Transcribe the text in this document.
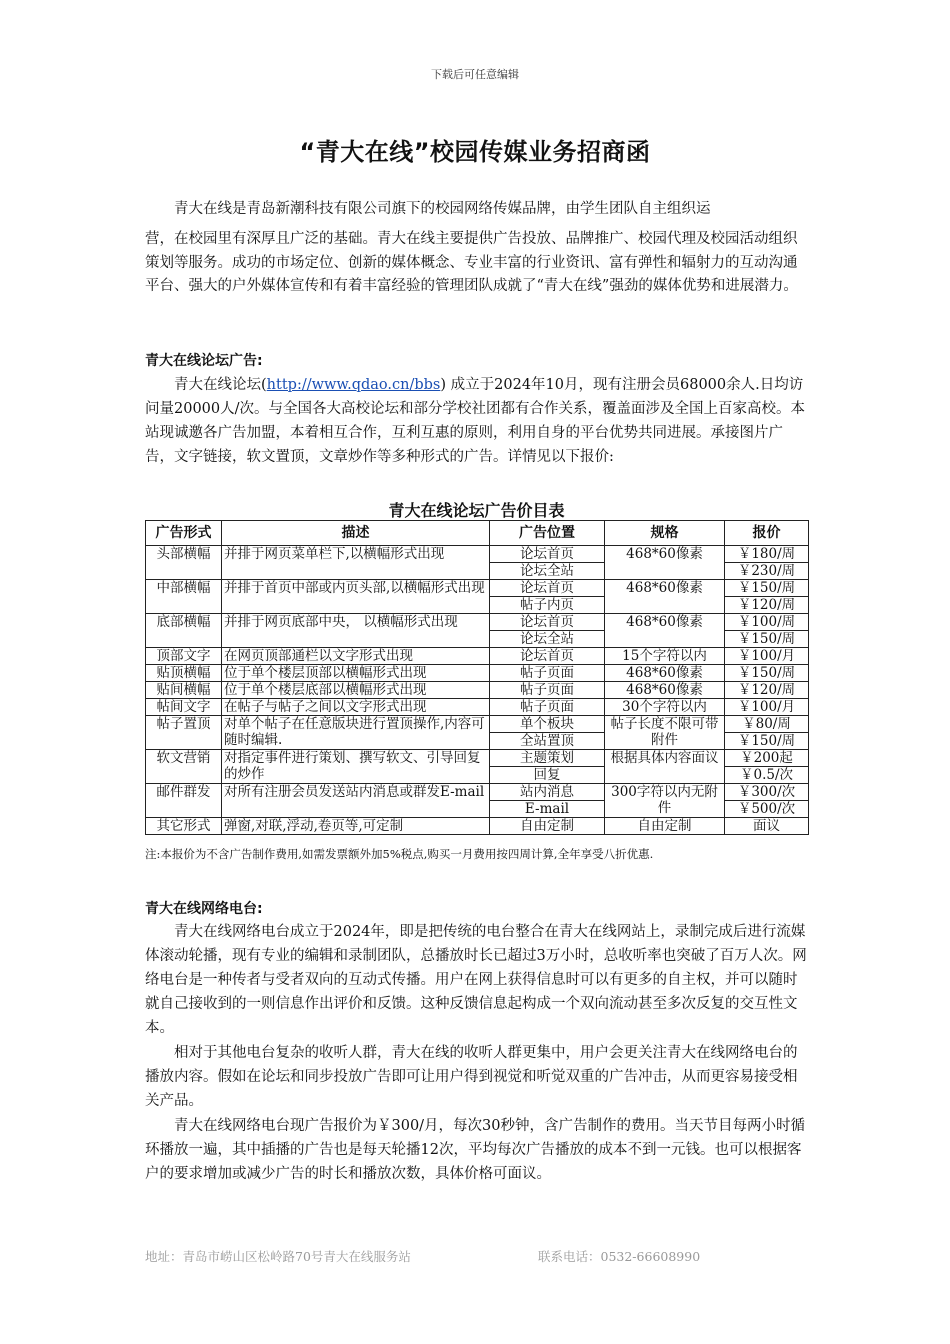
下载后可任意编辑
“青大在线”校园传媒业务招商函

青大在线是青岛新潮科技有限公司旗下的校园网络传媒品牌，由学生团队自主组织运

营，在校园里有深厚且广泛的基础。青大在线主要提供广告投放、品牌推广、校园代理及校园活动组织策划等服务。成功的市场定位、创新的媒体概念、专业丰富的行业资讯、富有弹性和辐射力的互动沟通平台、强大的户外媒体宣传和有着丰富经验的管理团队成就了“青大在线”强劲的媒体优势和进展潜力。

青大在线论坛广告:

青大在线论坛(http://www.qdao.cn/bbs) 成立于2024年10月，现有注册会员68000余人.日均访问量20000人/次。与全国各大高校论坛和部分学校社团都有合作关系，覆盖面涉及全国上百家高校。本站现诚邀各广告加盟，本着相互合作，互利互惠的原则，利用自身的平台优势共同进展。承接图片广告，文字链接，软文置顶，文章炒作等多种形式的广告。详情见以下报价:

青大在线论坛广告价目表
广告形式	描述	广告位置	规格	报价
头部横幅	并排于网页菜单栏下,以横幅形式出现	论坛首页	468*60像素	￥180/周
		论坛全站		￥230/周
中部横幅	并排于首页中部或内页头部,以横幅形式出现	论坛首页	468*60像素	￥150/周
		帖子内页		￥120/周
底部横幅	并排于网页底部中央， 以横幅形式出现	论坛首页	468*60像素	￥100/周
		论坛全站		￥150/周
顶部文字	在网页顶部通栏以文字形式出现	论坛首页	15个字符以内	￥100/月
贴顶横幅	位于单个楼层顶部以横幅形式出现	帖子页面	468*60像素	￥150/周
贴间横幅	位于单个楼层底部以横幅形式出现	帖子页面	468*60像素	￥120/周
帖间文字	在帖子与帖子之间以文字形式出现	帖子页面	30个字符以内	￥100/月
帖子置顶	对单个帖子在任意版块进行置顶操作,内容可随时编辑.	单个板块	帖子长度不限可带附件	￥80/周
		全站置顶		￥150/周
软文营销	对指定事件进行策划、撰写软文、引导回复的炒作	主题策划	根据具体内容面议	￥200起
		回复		￥0.5/次
邮件群发	对所有注册会员发送站内消息或群发E-mail	站内消息	300字符以内无附件	￥300/次
		E-mail		￥500/次
其它形式	弹窗,对联,浮动,卷页等,可定制	自由定制	自由定制	面议

注:本报价为不含广告制作费用,如需发票额外加5%税点,购买一月费用按四周计算,全年享受八折优惠.

青大在线网络电台:

青大在线网络电台成立于2024年，即是把传统的电台整合在青大在线网站上，录制完成后进行流媒体滚动轮播，现有专业的编辑和录制团队，总播放时长已超过3万小时，总收听率也突破了百万人次。网络电台是一种传者与受者双向的互动式传播。用户在网上获得信息时可以有更多的自主权，并可以随时就自己接收到的一则信息作出评价和反馈。这种反馈信息起构成一个双向流动甚至多次反复的交互性文本。

相对于其他电台复杂的收听人群，青大在线的收听人群更集中，用户会更关注青大在线网络电台的播放内容。假如在论坛和同步投放广告即可让用户得到视觉和听觉双重的广告冲击，从而更容易接受相关产品。

青大在线网络电台现广告报价为￥300/月，每次30秒钟，含广告制作的费用。当天节目每两小时循环播放一遍，其中插播的广告也是每天轮播12次，平均每次广告播放的成本不到一元钱。也可以根据客户的要求增加或减少广告的时长和播放次数，具体价格可面议。

地址：青岛市崂山区松岭路70号青大在线服务站	联系电话：0532-66608990
